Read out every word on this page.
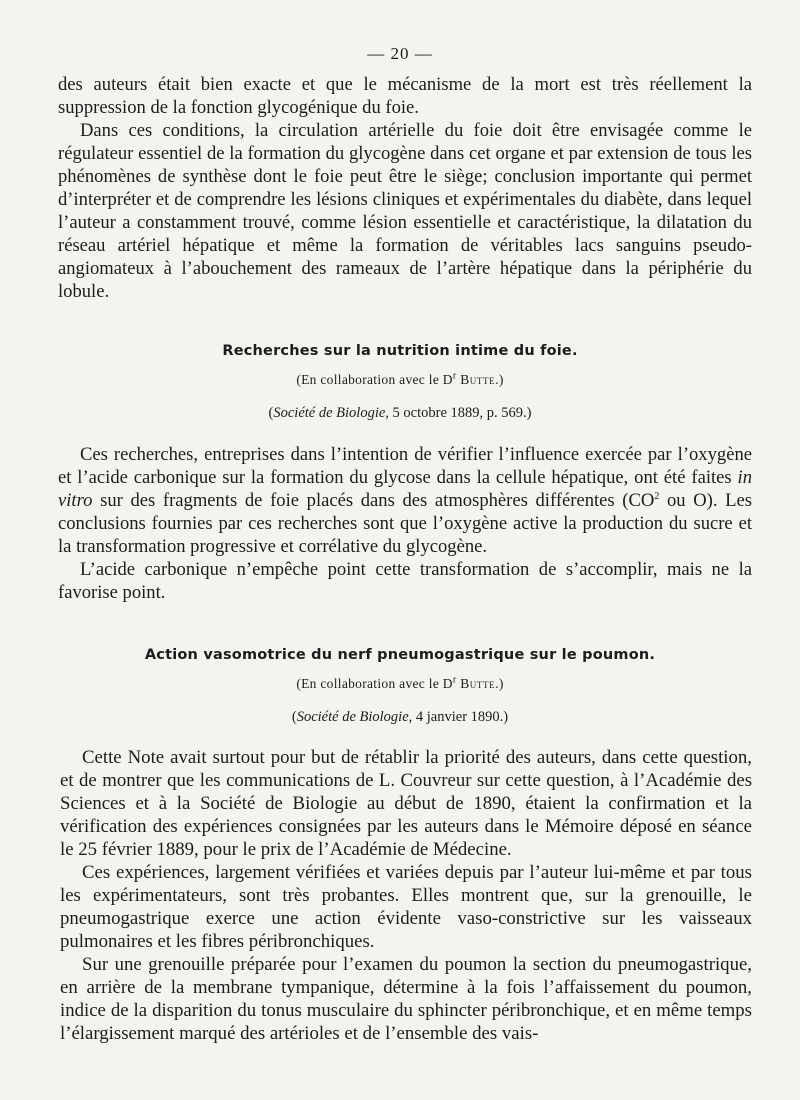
— 20 —

des auteurs était bien exacte et que le mécanisme de la mort est très réellement la suppression de la fonction glycogénique du foie.

Dans ces conditions, la circulation artérielle du foie doit être envisagée comme le régulateur essentiel de la formation du glycogène dans cet organe et par extension de tous les phénomènes de synthèse dont le foie peut être le siège; conclusion importante qui permet d’interpréter et de comprendre les lésions cliniques et expérimentales du diabète, dans lequel l’auteur a constamment trouvé, comme lésion essentielle et caractéristique, la dilatation du réseau artériel hépatique et même la formation de véritables lacs sanguins pseudo-angiomateux à l’abouchement des rameaux de l’artère hépatique dans la périphérie du lobule.

Recherches sur la nutrition intime du foie.
(En collaboration avec le $D^r$ Butte.)
(Société de Biologie, 5 octobre 1889, p. 569.)

Ces recherches, entreprises dans l’intention de vérifier l’influence exercée par l’oxygène et l’acide carbonique sur la formation du glycose dans la cellule hépatique, ont été faites in vitro sur des fragments de foie placés dans des atmosphères différentes ($CO^2$ ou O). Les conclusions fournies par ces recherches sont que l’oxygène active la production du sucre et la transformation progressive et corrélative du glycogène.

L’acide carbonique n’empêche point cette transformation de s’accomplir, mais ne la favorise point.

Action vasomotrice du nerf pneumogastrique sur le poumon.
(En collaboration avec le $D^r$ Butte.)
(Société de Biologie, 4 janvier 1890.)

Cette Note avait surtout pour but de rétablir la priorité des auteurs, dans cette question, et de montrer que les communications de L. Couvreur sur cette question, à l’Académie des Sciences et à la Société de Biologie au début de 1890, étaient la confirmation et la vérification des expériences consignées par les auteurs dans le Mémoire déposé en séance le 25 février 1889, pour le prix de l’Académie de Médecine.

Ces expériences, largement vérifiées et variées depuis par l’auteur lui-même et par tous les expérimentateurs, sont très probantes. Elles montrent que, sur la grenouille, le pneumogastrique exerce une action évidente vaso-constrictive sur les vaisseaux pulmonaires et les fibres péribronchiques.

Sur une grenouille préparée pour l’examen du poumon la section du pneumogastrique, en arrière de la membrane tympanique, détermine à la fois l’affaissement du poumon, indice de la disparition du tonus musculaire du sphincter péribronchique, et en même temps l’élargissement marqué des artérioles et de l’ensemble des vais-
